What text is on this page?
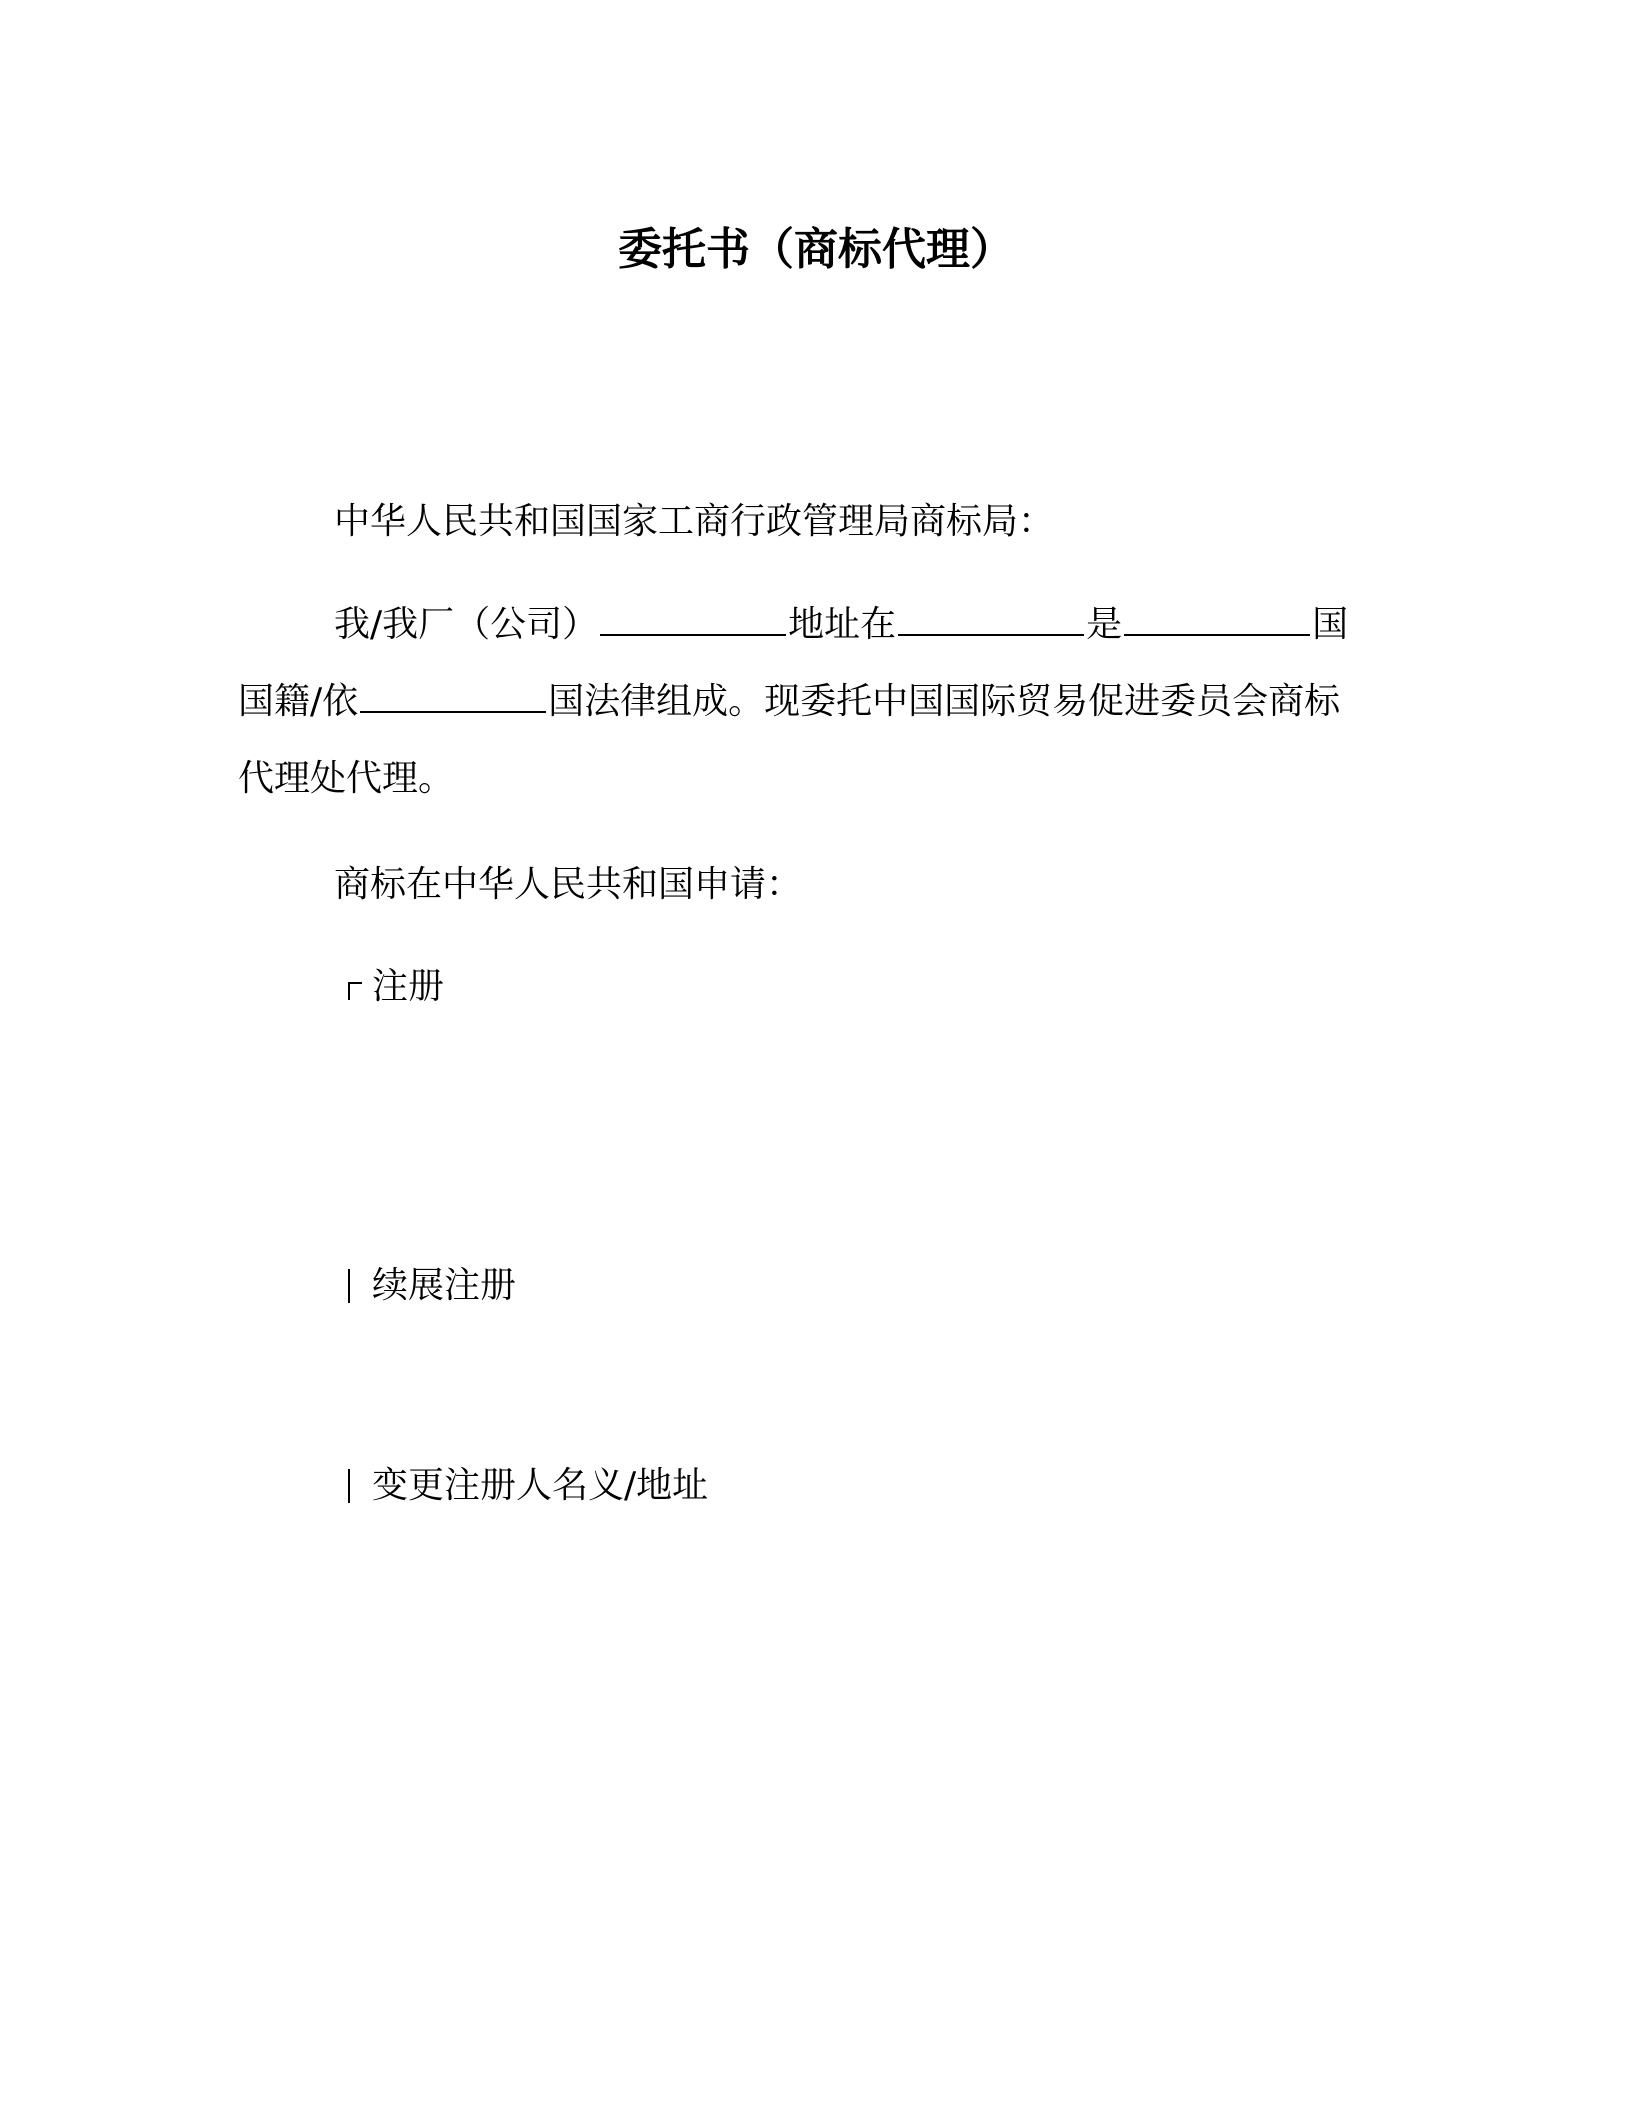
委托书（商标代理）
中华人民共和国国家工商行政管理局商标局：
我/我厂（公司）	地址在	是	国
国籍/依	国法律组成。现委托中国国际贸易促进委员会商标
代理处代理。
商标在中华人民共和国申请：
注册
续展注册
变更注册人名义/地址
